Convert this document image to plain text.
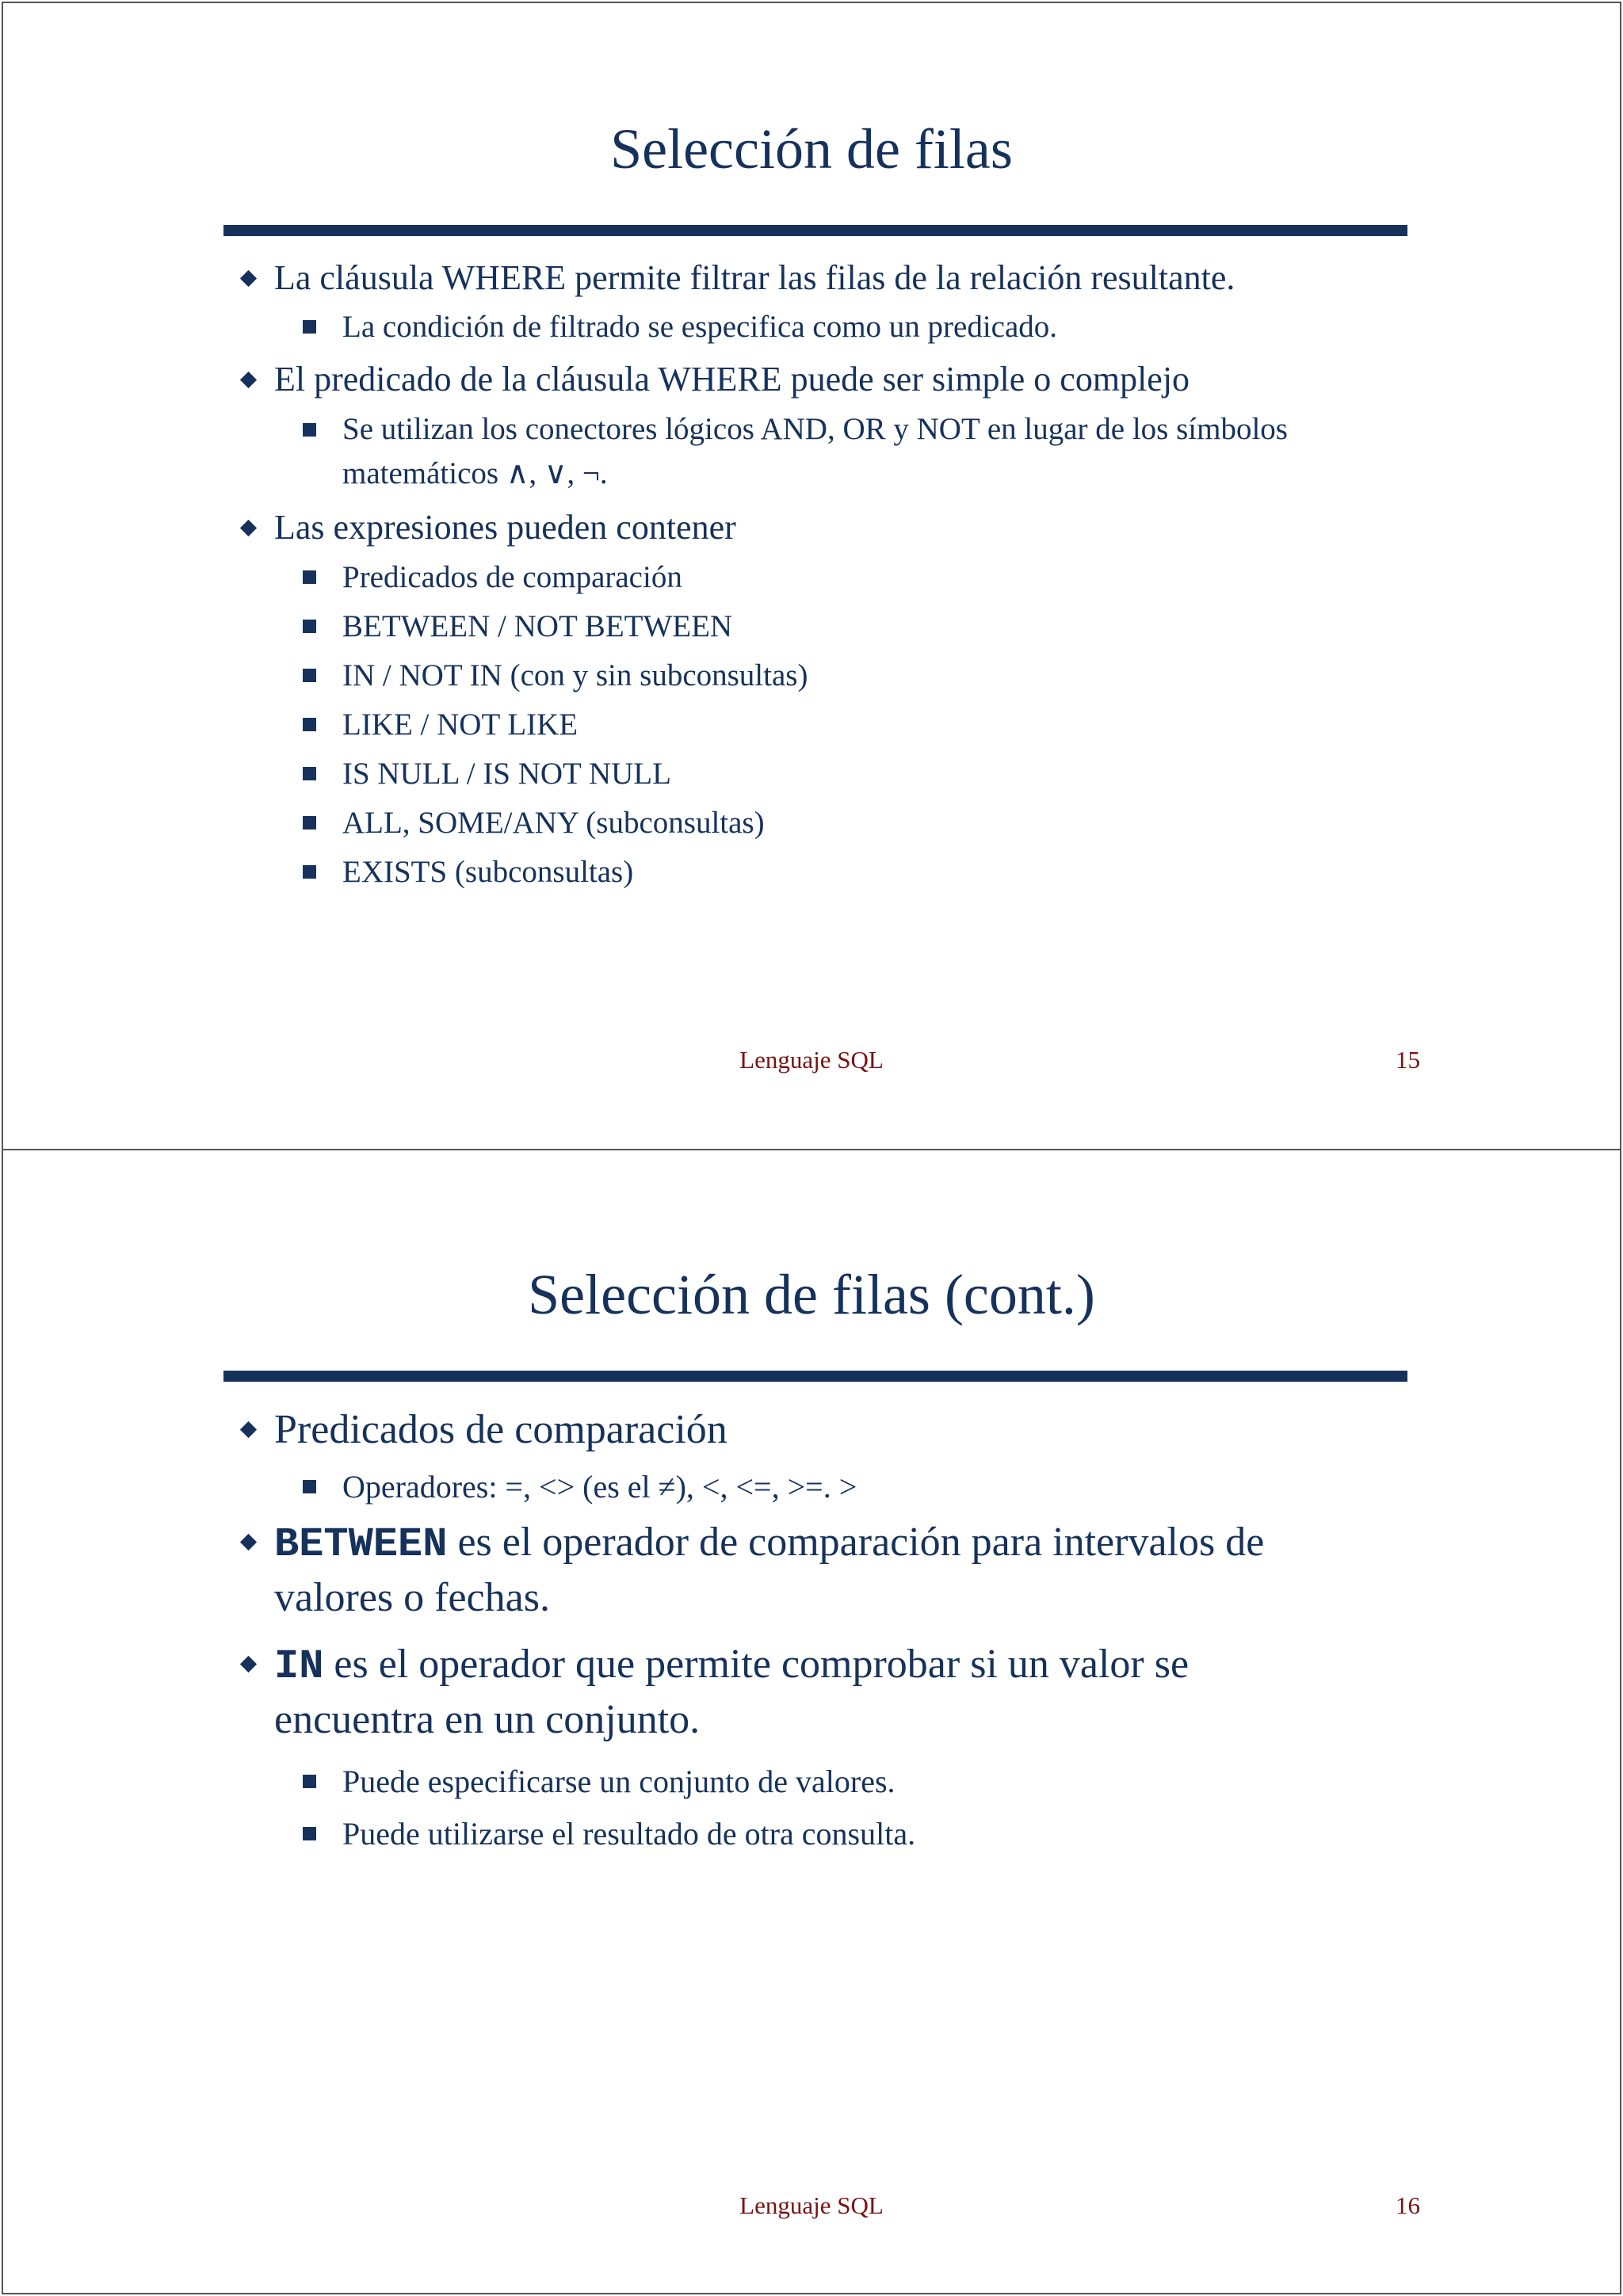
Selección de filas
La cláusula WHERE permite filtrar las filas de la relación resultante.
La condición de filtrado se especifica como un predicado.
El predicado de la cláusula WHERE puede ser simple o complejo
Se utilizan los conectores lógicos AND, OR y NOT en lugar de los símbolos
matemáticos ∧, ∨, ¬.
Las expresiones pueden contener
Predicados de comparación
BETWEEN / NOT BETWEEN
IN / NOT IN (con y sin subconsultas)
LIKE / NOT LIKE
IS NULL / IS NOT NULL
ALL, SOME/ANY (subconsultas)
EXISTS (subconsultas)
Lenguaje SQL	15
Selección de filas (cont.)
Predicados de comparación
Operadores: =, <> (es el ≠), <, <=, >=. >
BETWEEN es el operador de comparación para intervalos de
valores o fechas.
IN es el operador que permite comprobar si un valor se
encuentra en un conjunto.
Puede especificarse un conjunto de valores.
Puede utilizarse el resultado de otra consulta.
Lenguaje SQL	16
